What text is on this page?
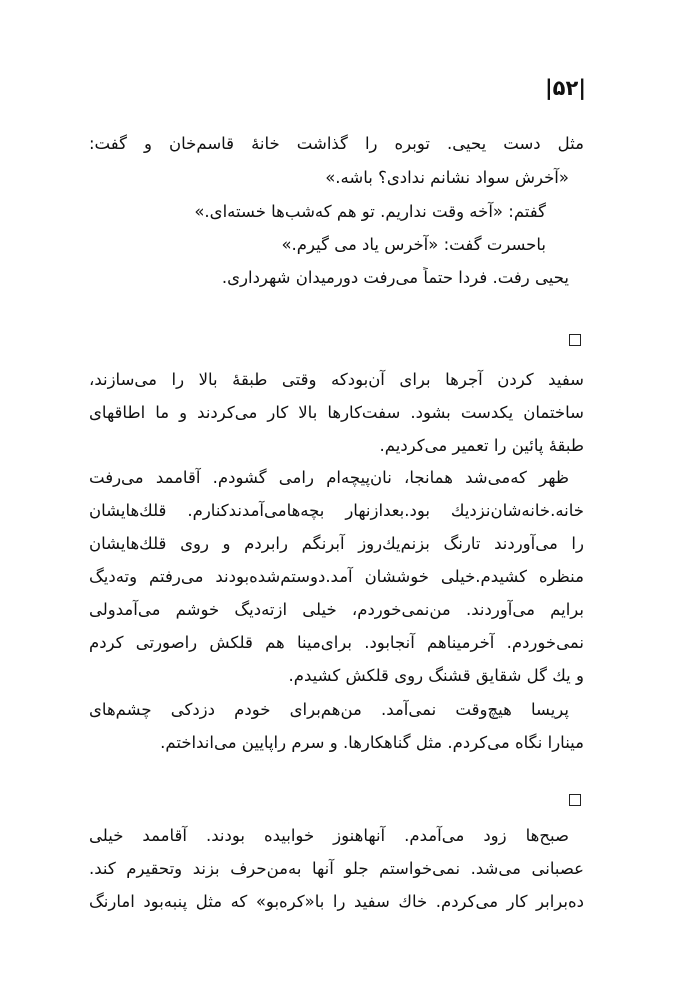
|۵۲|
مثل دست یحیی. توبره را گذاشت خانهٔ قاسم‌خان و گفت:
«آخرش سواد نشانم ندادی؟ باشه.»
گفتم: «آخه وقت نداریم. تو هم که‌شب‌ها خسته‌ای.»
باحسرت گفت: «آخرس یاد می گیرم.»
یحیی رفت. فردا حتماً می‌رفت دورمیدان شهرداری.
سفید کردن آجرها برای آن‌بودکه وقتی طبقهٔ بالا را می‌سازند،
ساختمان یکدست بشود. سفت‌کارها بالا کار می‌کردند و ما اطاقهای
طبقهٔ پائین را تعمیر می‌کردیم.
ظهر که‌می‌شد همانجا، نان‌پیچه‌ام رامی گشودم. آقاممد می‌رفت
خانه.خانه‌شان‌نزدیك بود.بعدازنهار بچه‌هامی‌آمدندکنارم. قلك‌هایشان
را می‌آوردند تارنگ بزنم‌یك‌روز آبرنگم رابردم و روی قلك‌هایشان
منظره کشیدم.خیلی خوششان آمد.دوستم‌شده‌بودند می‌رفتم وته‌دیگ
برایم می‌آوردند. من‌نمی‌خوردم، خیلی ازته‌دیگ خوشم می‌آمدولی
نمی‌خوردم. آخرمیناهم آنجابود. برای‌مینا هم قلکش راصورتی کردم
و یك گل شقایق قشنگ روی قلکش کشیدم.
پریسا هیچ‌وقت نمی‌آمد. من‌هم‌برای خودم دزدکی چشم‌های
مینارا نگاه می‌کردم. مثل گناهکارها. و سرم راپایین می‌انداختم.
صبح‌ها زود می‌آمدم. آنهاهنوز خوابیده بودند. آقاممد خیلی
عصبانی می‌شد. نمی‌خواستم جلو آنها به‌من‌حرف بزند وتحقیرم کند.
ده‌برابر کار می‌کردم. خاك سفید را با«کره‌بو» که مثل پنبه‌بود امارنگ
